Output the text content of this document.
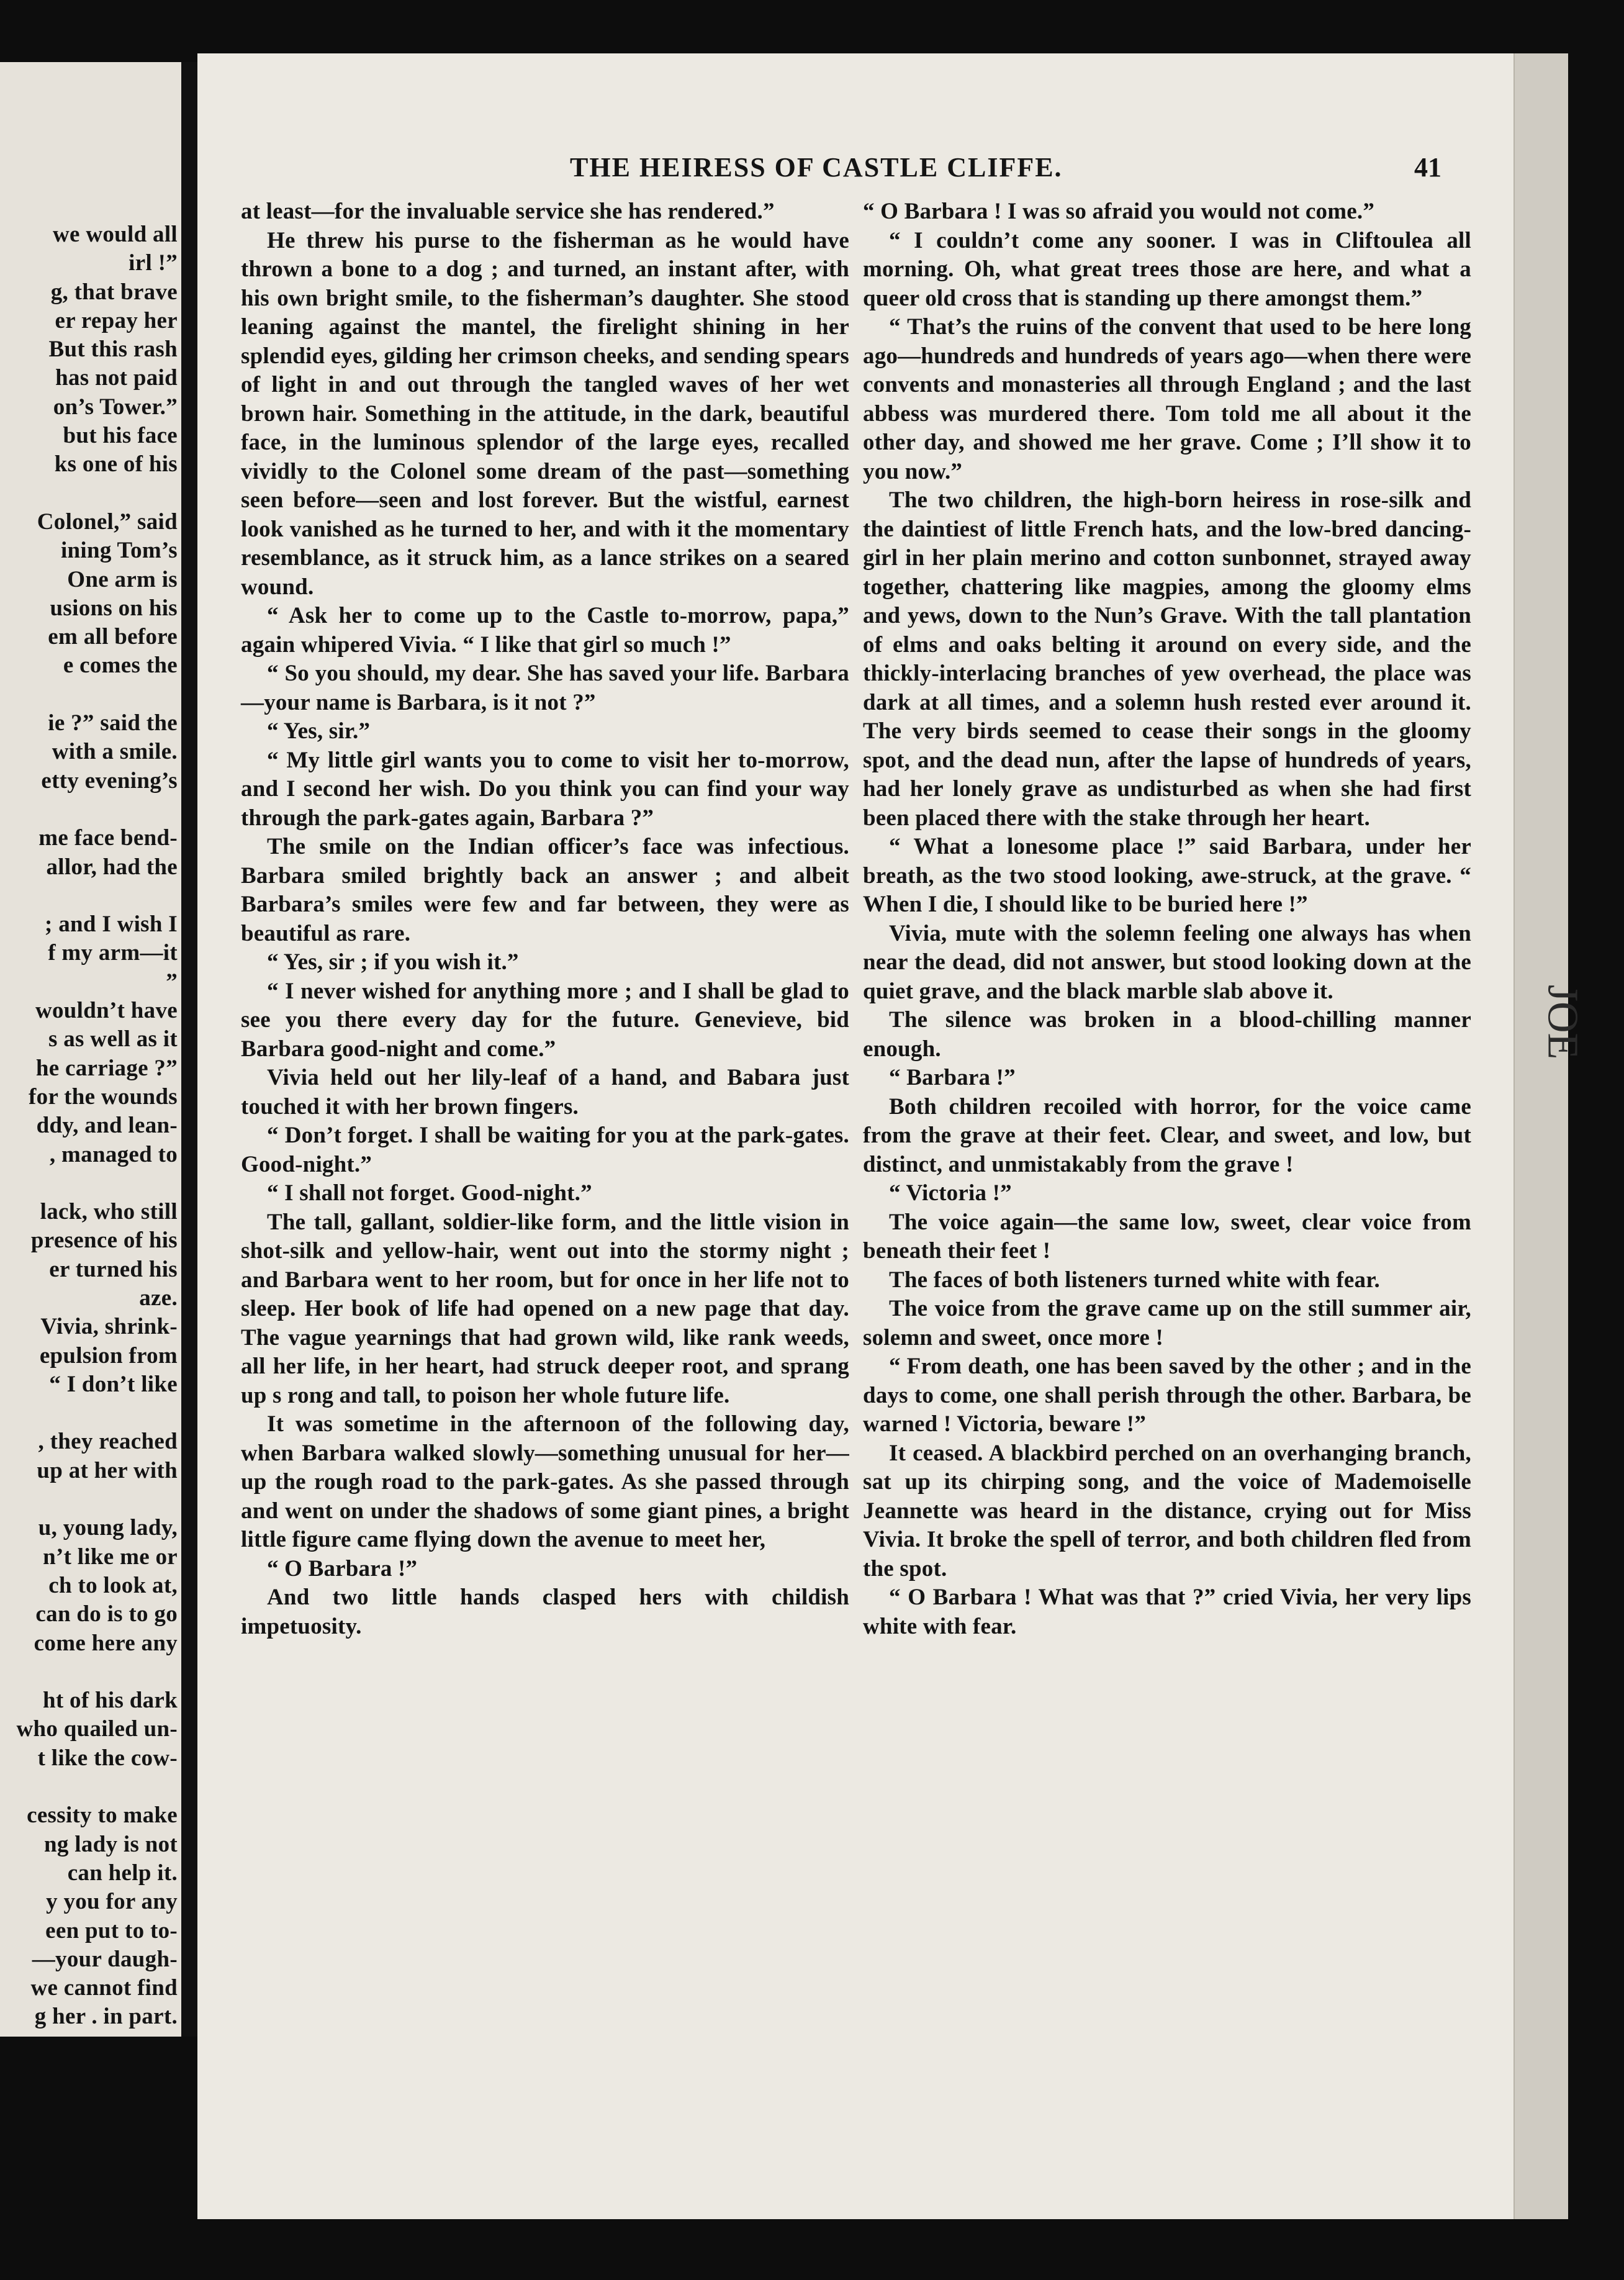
we would all
irl !”
g, that brave
er repay her
But this rash
has not paid
on’s Tower.”
but his face
ks one of his

Colonel,” said
ining Tom’s
One arm is
usions on his
em all before
e comes the

ie ?” said the
with a smile.
etty evening’s

me face bend-
allor, had the

; and I wish I
f my arm—it
”
wouldn’t have
s as well as it
he carriage ?”
for the wounds
ddy, and lean-
, managed to

lack, who still
presence of his
er turned his
aze.
Vivia, shrink-
epulsion from
“ I don’t like

, they reached
up at her with

u, young lady,
n’t like me or
ch to look at,
can do is to go
come here any

ht of his dark
who quailed un-
t like the cow-

cessity to make
ng lady is not
can help it.
y you for any
een put to to-
—your daugh-
we cannot find
g her . in part.
THE HEIRESS OF CASTLE CLIFFE.	41

at least—for the invaluable service she has rendered.”

He threw his purse to the fisherman as he would have thrown a bone to a dog ; and turned, an instant after, with his own bright smile, to the fisherman’s daughter. She stood leaning against the mantel, the firelight shining in her splendid eyes, gilding her crimson cheeks, and sending spears of light in and out through the tangled waves of her wet brown hair. Something in the attitude, in the dark, beautiful face, in the luminous splendor of the large eyes, recalled vividly to the Colonel some dream of the past—something seen before—seen and lost forever. But the wistful, earnest look vanished as he turned to her, and with it the momentary resemblance, as it struck him, as a lance strikes on a seared wound.

“ Ask her to come up to the Castle to-morrow, papa,” again whipered Vivia. “ I like that girl so much !”

“ So you should, my dear. She has saved your life. Barbara—your name is Barbara, is it not ?”

“ Yes, sir.”

“ My little girl wants you to come to visit her to-morrow, and I second her wish. Do you think you can find your way through the park-gates again, Barbara ?”

The smile on the Indian officer’s face was infectious. Barbara smiled brightly back an answer ; and albeit Barbara’s smiles were few and far between, they were as beautiful as rare.

“ Yes, sir ; if you wish it.”

“ I never wished for anything more ; and I shall be glad to see you there every day for the future. Genevieve, bid Barbara good-night and come.”

Vivia held out her lily-leaf of a hand, and Babara just touched it with her brown fingers.

“ Don’t forget. I shall be waiting for you at the park-gates. Good-night.”

“ I shall not forget. Good-night.”

The tall, gallant, soldier-like form, and the little vision in shot-silk and yellow-hair, went out into the stormy night ; and Barbara went to her room, but for once in her life not to sleep. Her book of life had opened on a new page that day. The vague yearnings that had grown wild, like rank weeds, all her life, in her heart, had struck deeper root, and sprang up s rong and tall, to poison her whole future life.

It was sometime in the afternoon of the following day, when Barbara walked slowly—something unusual for her—up the rough road to the park-gates. As she passed through and went on under the shadows of some giant pines, a bright little figure came flying down the avenue to meet her,

“ O Barbara !”

And two little hands clasped hers with childish impetuosity.

“ O Barbara ! I was so afraid you would not come.”

“ I couldn’t come any sooner. I was in Cliftoulea all morning. Oh, what great trees those are here, and what a queer old cross that is standing up there amongst them.”

“ That’s the ruins of the convent that used to be here long ago—hundreds and hundreds of years ago—when there were convents and monasteries all through England ; and the last abbess was murdered there. Tom told me all about it the other day, and showed me her grave. Come ; I’ll show it to you now.”

The two children, the high-born heiress in rose-silk and the daintiest of little French hats, and the low-bred dancing-girl in her plain merino and cotton sunbonnet, strayed away together, chattering like magpies, among the gloomy elms and yews, down to the Nun’s Grave. With the tall plantation of elms and oaks belting it around on every side, and the thickly-interlacing branches of yew overhead, the place was dark at all times, and a solemn hush rested ever around it. The very birds seemed to cease their songs in the gloomy spot, and the dead nun, after the lapse of hundreds of years, had her lonely grave as undisturbed as when she had first been placed there with the stake through her heart.

“ What a lonesome place !” said Barbara, under her breath, as the two stood looking, awe-struck, at the grave. “ When I die, I should like to be buried here !”

Vivia, mute with the solemn feeling one always has when near the dead, did not answer, but stood looking down at the quiet grave, and the black marble slab above it.

The silence was broken in a blood-chilling manner enough.

“ Barbara !”

Both children recoiled with horror, for the voice came from the grave at their feet. Clear, and sweet, and low, but distinct, and unmistakably from the grave !

“ Victoria !”

The voice again—the same low, sweet, clear voice from beneath their feet !

The faces of both listeners turned white with fear.

The voice from the grave came up on the still summer air, solemn and sweet, once more !

“ From death, one has been saved by the other ; and in the days to come, one shall perish through the other. Barbara, be warned ! Victoria, beware !”

It ceased. A blackbird perched on an overhanging branch, sat up its chirping song, and the voice of Mademoiselle Jeannette was heard in the distance, crying out for Miss Vivia. It broke the spell of terror, and both children fled from the spot.

“ O Barbara ! What was that ?” cried Vivia, her very lips white with fear.

JOE
